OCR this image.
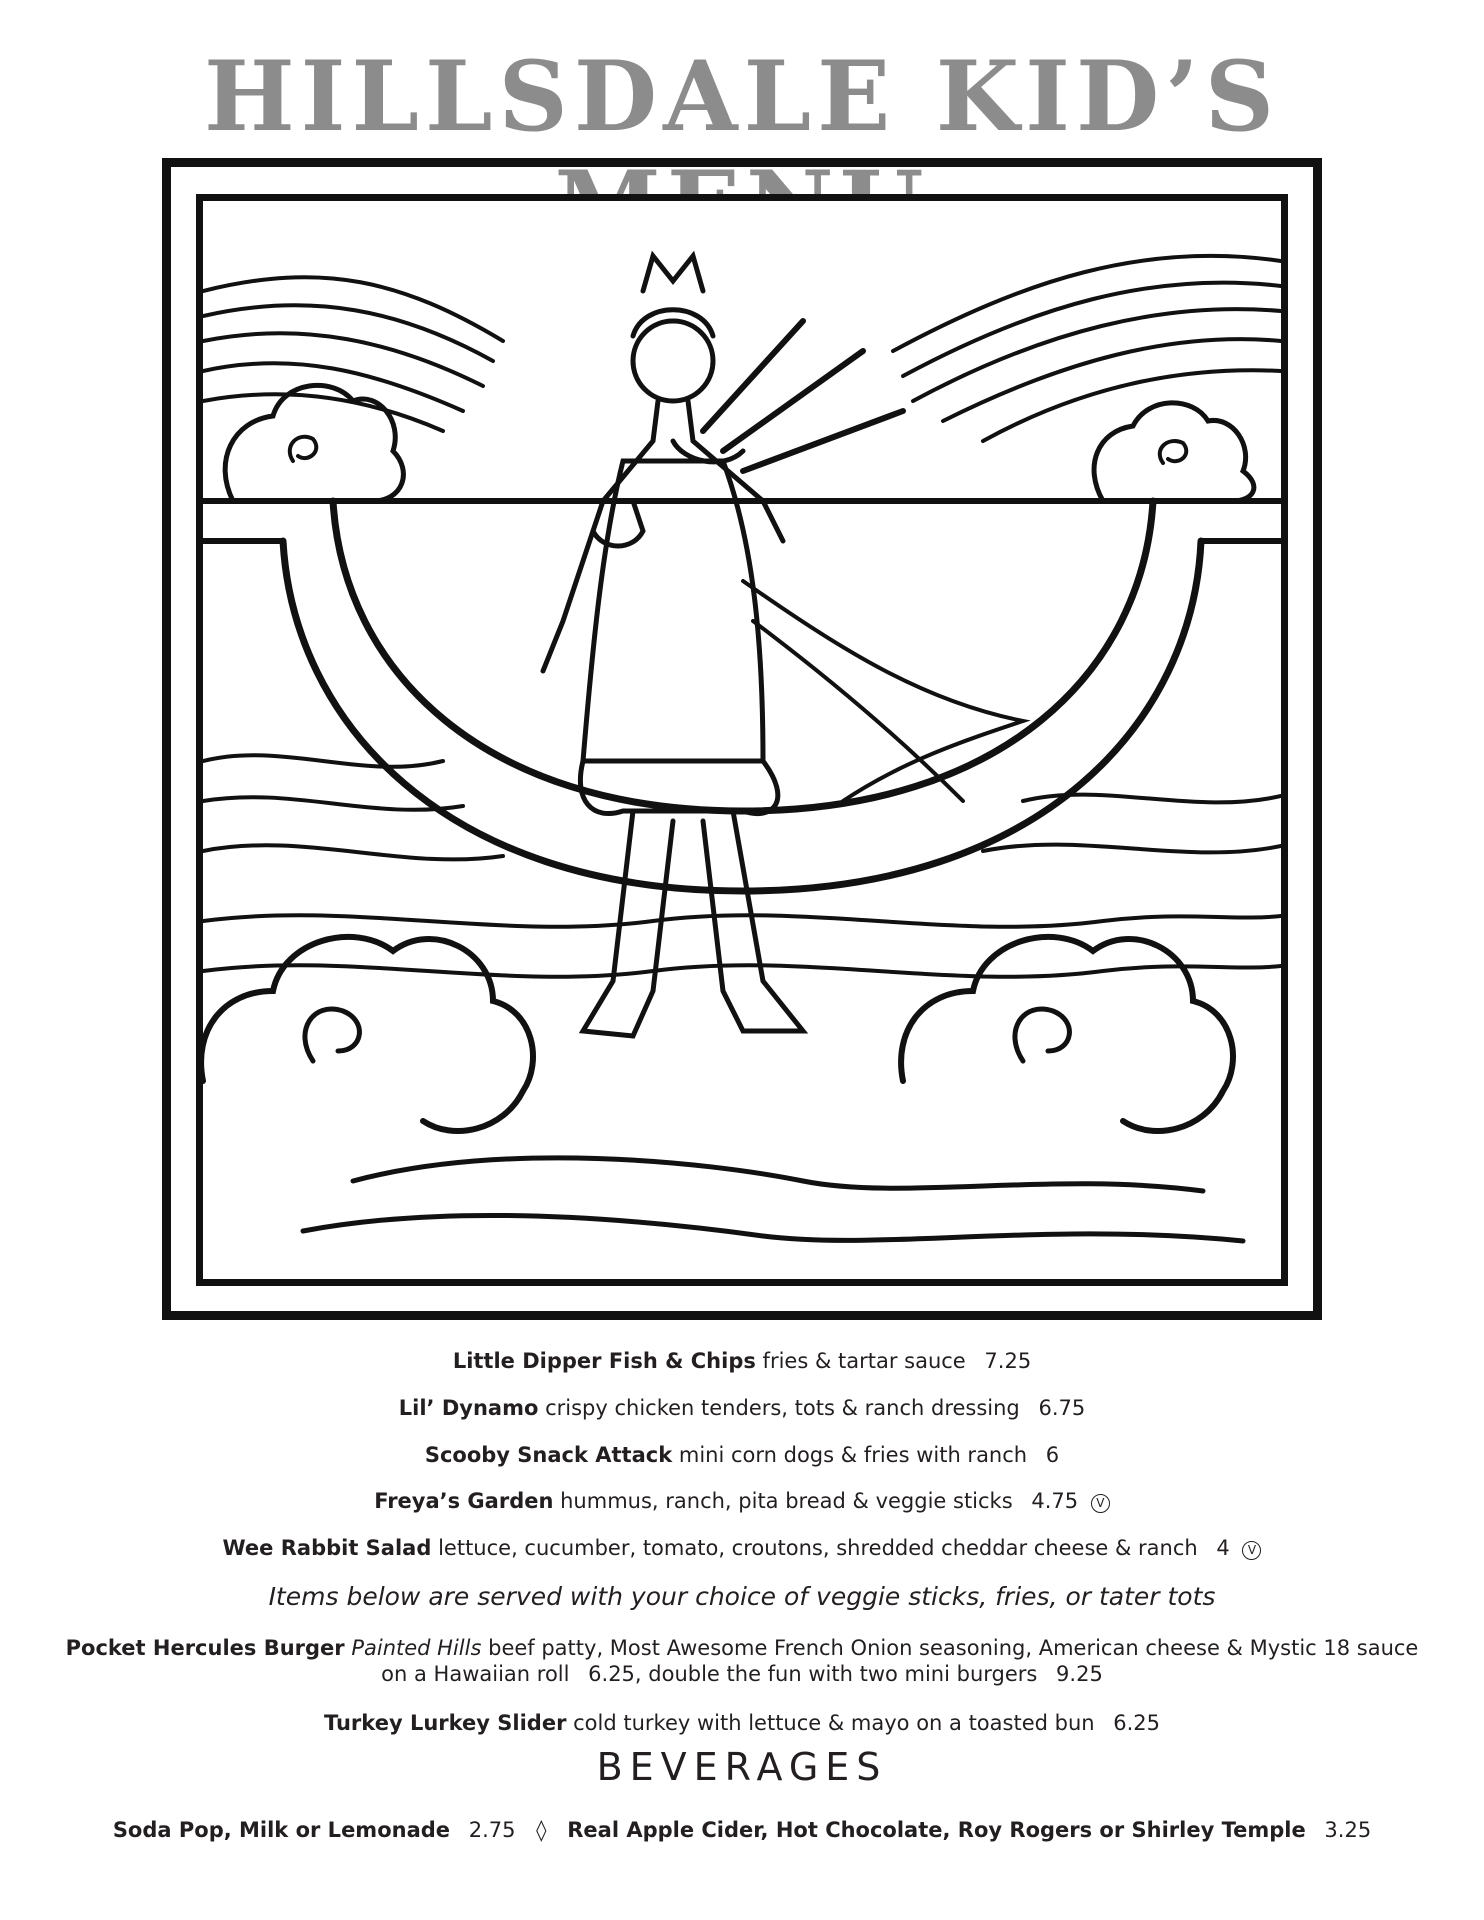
HILLSDALE KID’S
Little Dipper Fish & Chips fries & tartar sauce 7.25
Lil’ Dynamo crispy chicken tenders, tots & ranch dressing 6.75
Scooby Snack Attack mini corn dogs & fries with ranch 6
Freya’s Garden hummus, ranch, pita bread & veggie sticks 4.75 V
Wee Rabbit Salad lettuce, cucumber, tomato, croutons, shredded cheddar cheese & ranch 4 V
Items below are served with your choice of veggie sticks, fries, or tater tots
Pocket Hercules Burger Painted Hills beef patty, Most Awesome French Onion seasoning, American cheese & Mystic 18 sauce
on a Hawaiian roll 6.25, double the fun with two mini burgers 9.25
Turkey Lurkey Slider cold turkey with lettuce & mayo on a toasted bun 6.25
BEVERAGES
Soda Pop, Milk or Lemonade 2.75 ◊ Real Apple Cider, Hot Chocolate, Roy Rogers or Shirley Temple 3.25
